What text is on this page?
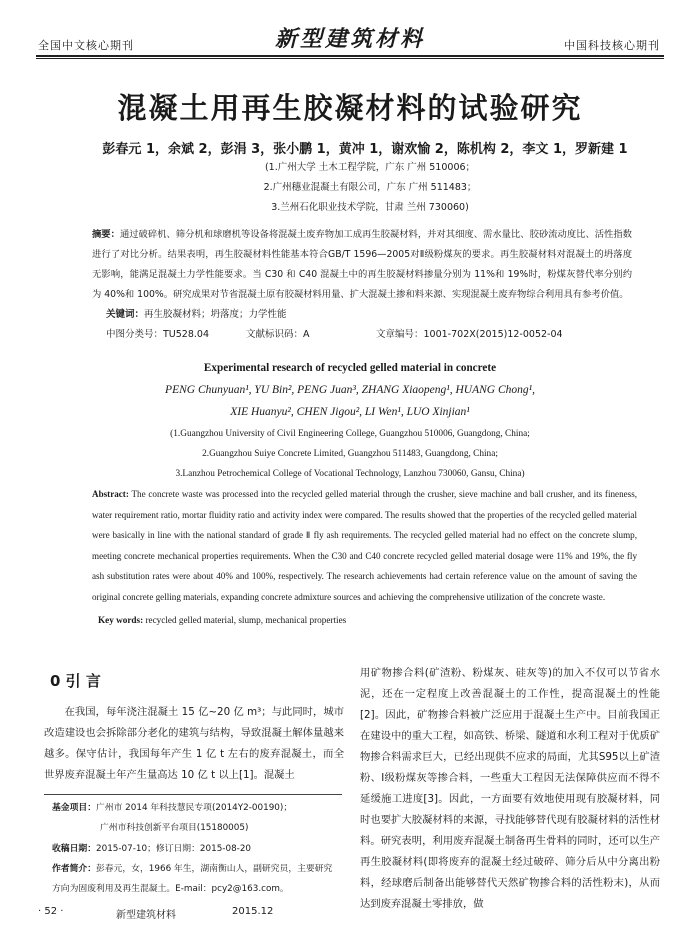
全国中文核心期刊	新型建筑材料	中国科技核心期刊
混凝土用再生胶凝材料的试验研究
彭春元 1，余斌 2，彭涓 3，张小鹏 1，黄冲 1，谢欢愉 2，陈机构 2，李文 1，罗新建 1
(1.广州大学 土木工程学院，广东 广州 510006；
2.广州穗业混凝土有限公司，广东 广州 511483；
3.兰州石化职业技术学院，甘肃 兰州 730060)
摘要：通过破碎机、筛分机和球磨机等设备将混凝土废弃物加工成再生胶凝材料，并对其细度、需水量比、胶砂流动度比、活性指数进行了对比分析。结果表明，再生胶凝材料性能基本符合GB/T 1596—2005对Ⅱ级粉煤灰的要求。再生胶凝材料对混凝土的坍落度无影响，能满足混凝土力学性能要求。当 C30 和 C40 混凝土中的再生胶凝材料掺量分别为 11%和 19%时，粉煤灰替代率分别约为 40%和 100%。研究成果对节省混凝土原有胶凝材料用量、扩大混凝土掺和料来源、实现混凝土废弃物综合利用具有参考价值。
关键词：再生胶凝材料；坍落度；力学性能
中图分类号：TU528.04	文献标识码：A	文章编号：1001-702X(2015)12-0052-04
Experimental research of recycled gelled material in concrete
PENG Chunyuan¹, YU Bin², PENG Juan³, ZHANG Xiaopeng¹, HUANG Chong¹,
XIE Huanyu², CHEN Jigou², LI Wen¹, LUO Xinjian¹
(1.Guangzhou University of Civil Engineering College, Guangzhou 510006, Guangdong, China;
2.Guangzhou Suiye Concrete Limited, Guangzhou 511483, Guangdong, China;
3.Lanzhou Petrochemical College of Vocational Technology, Lanzhou 730060, Gansu, China)
Abstract: The concrete waste was processed into the recycled gelled material through the crusher, sieve machine and ball crusher, and its fineness, water requirement ratio, mortar fluidity ratio and activity index were compared. The results showed that the properties of the recycled gelled material were basically in line with the national standard of grade Ⅱ fly ash requirements. The recycled gelled material had no effect on the concrete slump, meeting concrete mechanical properties requirements. When the C30 and C40 concrete recycled gelled material dosage were 11% and 19%, the fly ash substitution rates were about 40% and 100%, respectively. The research achievements had certain reference value on the amount of saving the original concrete gelling materials, expanding concrete admixture sources and achieving the comprehensive utilization of the concrete waste.
Key words: recycled gelled material, slump, mechanical properties
0 引 言
在我国，每年浇注混凝土 15 亿~20 亿 m³；与此同时，城市改造建设也会拆除部分老化的建筑与结构，导致混凝土解体量越来越多。保守估计，我国每年产生 1 亿 t 左右的废弃混凝土，而全世界废弃混凝土年产生量高达 10 亿 t 以上[1]。混凝土
用矿物掺合料(矿渣粉、粉煤灰、硅灰等)的加入不仅可以节省水泥，还在一定程度上改善混凝土的工作性，提高混凝土的性能[2]。因此，矿物掺合料被广泛应用于混凝土生产中。目前我国正在建设中的重大工程，如高铁、桥梁、隧道和水利工程对于优质矿物掺合料需求巨大，已经出现供不应求的局面，尤其S95以上矿渣粉、Ⅰ级粉煤灰等掺合料，一些重大工程因无法保障供应而不得不延缓施工进度[3]。因此，一方面要有效地使用现有胶凝材料，同时也要扩大胶凝材料的来源，寻找能够替代现有胶凝材料的活性材料。研究表明，利用废弃混凝土制备再生骨料的同时，还可以生产再生胶凝材料(即将废弃的混凝土经过破碎、筛分后从中分离出粉料，经球磨后制备出能够替代天然矿物掺合料的活性粉末)，从而达到废弃混凝土零排放，做
基金项目：广州市 2014 年科技慧民专项(2014Y2-00190)；
广州市科技创新平台项目(15180005)
收稿日期：2015-07-10；修订日期：2015-08-20
作者简介：彭春元，女，1966 年生，湖南衡山人，副研究员，主要研究
方向为固废利用及再生混凝土。E-mail：pcy2@163.com。
· 52 ·	新型建筑材料	2015.12
